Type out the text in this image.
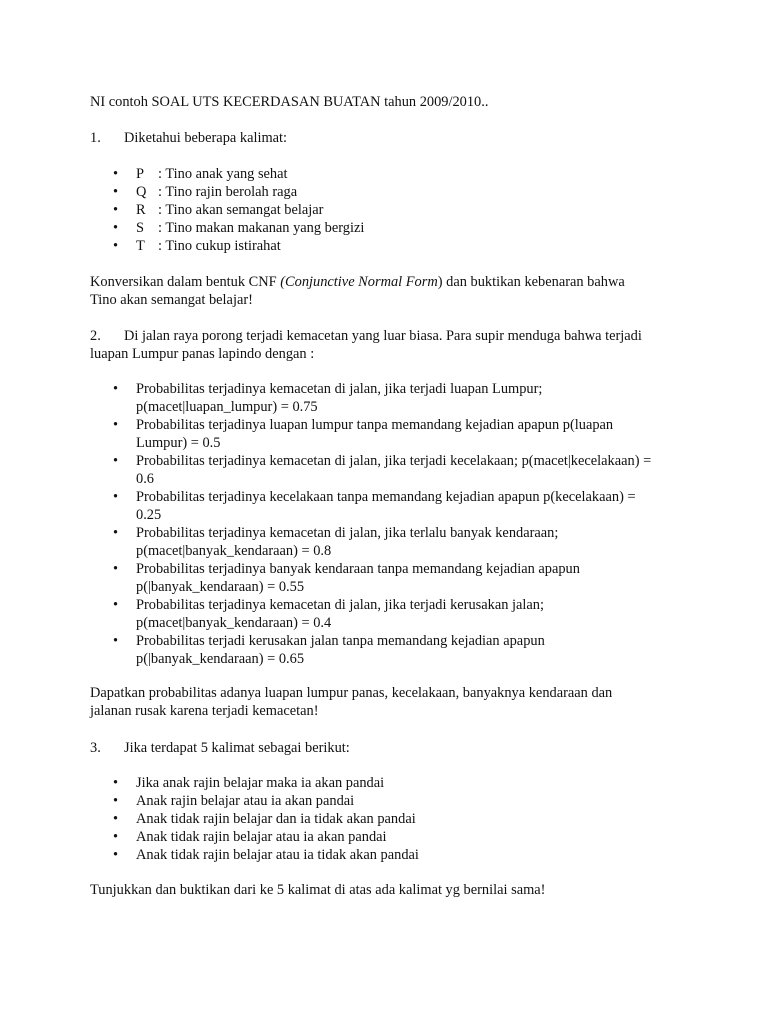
NI contoh SOAL UTS KECERDASAN BUATAN tahun 2009/2010..
1. Diketahui beberapa kalimat:
• P : Tino anak yang sehat
• Q : Tino rajin berolah raga
• R : Tino akan semangat belajar
• S : Tino makan makanan yang bergizi
• T : Tino cukup istirahat
Konversikan dalam bentuk CNF (Conjunctive Normal Form) dan buktikan kebenaran bahwa
Tino akan semangat belajar!
2. Di jalan raya porong terjadi kemacetan yang luar biasa. Para supir menduga bahwa terjadi
luapan Lumpur panas lapindo dengan :
• Probabilitas terjadinya kemacetan di jalan, jika terjadi luapan Lumpur;
p(macet|luapan_lumpur) = 0.75
• Probabilitas terjadinya luapan lumpur tanpa memandang kejadian apapun p(luapan
Lumpur) = 0.5
• Probabilitas terjadinya kemacetan di jalan, jika terjadi kecelakaan; p(macet|kecelakaan) =
0.6
• Probabilitas terjadinya kecelakaan tanpa memandang kejadian apapun p(kecelakaan) =
0.25
• Probabilitas terjadinya kemacetan di jalan, jika terlalu banyak kendaraan;
p(macet|banyak_kendaraan) = 0.8
• Probabilitas terjadinya banyak kendaraan tanpa memandang kejadian apapun
p(|banyak_kendaraan) = 0.55
• Probabilitas terjadinya kemacetan di jalan, jika terjadi kerusakan jalan;
p(macet|banyak_kendaraan) = 0.4
• Probabilitas terjadi kerusakan jalan tanpa memandang kejadian apapun
p(|banyak_kendaraan) = 0.65
Dapatkan probabilitas adanya luapan lumpur panas, kecelakaan, banyaknya kendaraan dan
jalanan rusak karena terjadi kemacetan!
3. Jika terdapat 5 kalimat sebagai berikut:
• Jika anak rajin belajar maka ia akan pandai
• Anak rajin belajar atau ia akan pandai
• Anak tidak rajin belajar dan ia tidak akan pandai
• Anak tidak rajin belajar atau ia akan pandai
• Anak tidak rajin belajar atau ia tidak akan pandai
Tunjukkan dan buktikan dari ke 5 kalimat di atas ada kalimat yg bernilai sama!
